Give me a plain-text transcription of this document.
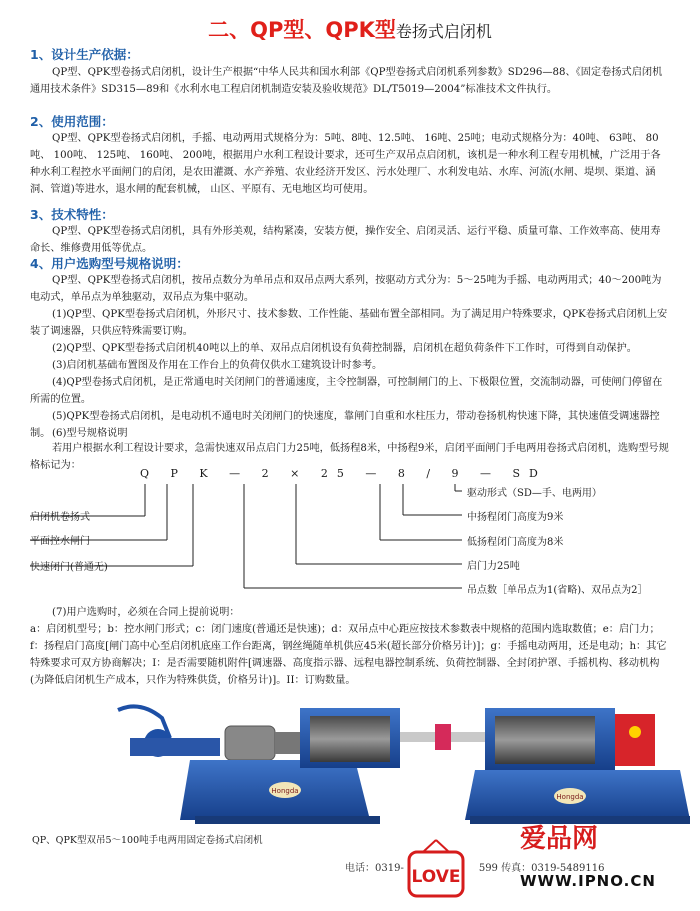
二、QP型、QPK型卷扬式启闭机
1、设计生产依据：

QP型、QPK型卷扬式启闭机，设计生产根据“中华人民共和国水利部《QP型卷扬式启闭机系列参数》SD296—88、《固定卷扬式启闭机通用技术条件》SD315—89和《水利水电工程启闭机制造安装及验收规范》DL/T5019—2004”标准技术文件执行。

2、使用范围：

QP型、QPK型卷扬式启闭机，手摇、电动两用式规格分为：5吨、8吨、12.5吨、 16吨、25吨；电动式规格分为：40吨、 63吨、 80吨、 100吨、 125吨、 160吨、 200吨，根据用户水利工程设计要求，还可生产双吊点启闭机，该机是一种水利工程专用机械，广泛用于各种水利工程控水平面闸门的启闭，是农田灌溉、水产养殖、农业经济开发区、污水处理厂、水利发电站、水库、河流(水闸、堤坝、渠道、涵洞、管道)等进水，退水闸的配套机械， 山区、平原有、无电地区均可使用。

3、技术特性：

QP型、QPK型卷扬式启闭机，具有外形美观，结构紧凑，安装方便，操作安全、启闭灵活、运行平稳、质量可靠、工作效率高、使用寿命长、维修费用低等优点。

4、用户选购型号规格说明：

QP型、QPK型卷扬式启闭机，按吊点数分为单吊点和双吊点两大系列，按驱动方式分为：5～25吨为手摇、电动两用式；40～200吨为电动式，单吊点为单独驱动，双吊点为集中驱动。

(1)QP型、QPK型卷扬式启闭机，外形尺寸、技术参数、工作性能、基础布置全部相同。为了满足用户特殊要求，QPK卷扬式启闭机上安装了调速器，只供应特殊需要订购。

(2)QP型、QPK型卷扬式启闭机40吨以上的单、双吊点启闭机设有负荷控制器，启闭机在超负荷条件下工作时，可得到自动保护。

(3)启闭机基础布置图及作用在工作台上的负荷仅供水工建筑设计时参考。

(4)QP型卷扬式启闭机，是正常通电时关闭闸门的普通速度，主令控制器，可控制闸门的上、下极限位置，交流制动器，可使闸门停留在所需的位置。

(5)QPK型卷扬式启闭机，是电动机不通电时关闭闸门的快速度，靠闸门自重和水柱压力，带动卷扬机构快速下降，其快速值受调速器控制。 (6)型号规格说明

若用户根据水利工程设计要求，急需快速双吊点启门力25吨，低扬程8米，中扬程9米，启闭平面闸门手电两用卷扬式启闭机，选购型号规格标记为：

Q P K — 2 × 25 — 8 / 9 — SD
启闭机卷扬式
平面控水闸门
快速闭门(普通无)
驱动形式（SD—手、电两用）
中扬程闭门高度为9米
低扬程闭门高度为8米
启门力25吨
吊点数［单吊点为1(省略)、双吊点为2］

(7)用户选购时，必须在合同上提前说明：

a：启闭机型号；b：控水闸门形式；c：闭门速度(普通还是快速)；d：双吊点中心距应按技术参数表中规格的范围内选取数值；e：启门力；f：扬程启门高度[闸门高中心至启闭机底座工作台距离，钢丝绳随单机供应45米(超长部分价格另计)]；g：手摇电动两用，还是电动；h：其它特殊要求可双方协商解决；I：是否需要随机附件[调速器、高度指示器、远程电器控制系统、负荷控制器、全封闭护罩、手摇机构、移动机构(为降低启闭机生产成本，只作为特殊供货，价格另计)]。II：订购数量。

Hongda
Hongda
QP、QPK型双吊5～100吨手电两用固定卷扬式启闭机
电话：0319-	599 传真：0319-5489116
LOVE
爱品网
WWW.IPNO.CN
